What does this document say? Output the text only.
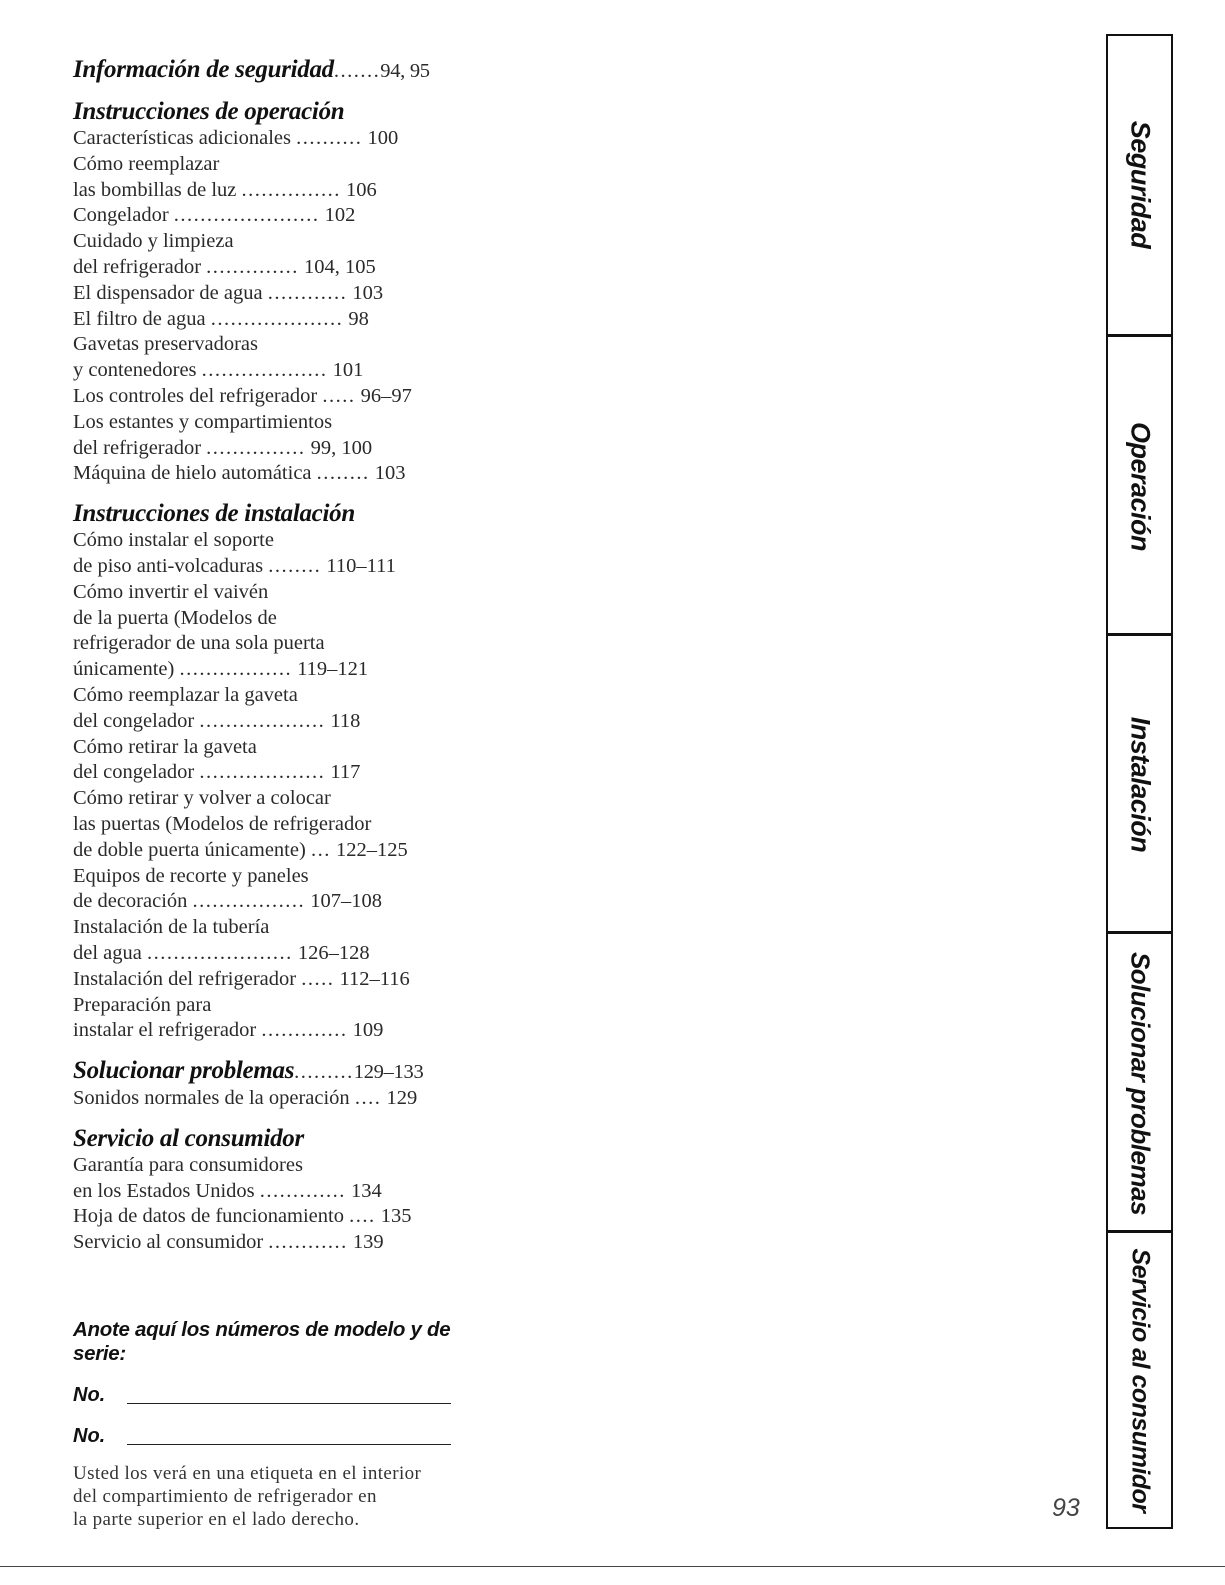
Información de seguridad.......94, 95
Instrucciones de operación
Características adicionales .......... 100
Cómo reemplazar
las bombillas de luz ............... 106
Congelador ...................... 102
Cuidado y limpieza
del refrigerador .............. 104, 105
El dispensador de agua ............ 103
El filtro de agua .................... 98
Gavetas preservadoras
y contenedores ................... 101
Los controles del refrigerador ..... 96–97
Los estantes y compartimientos
del refrigerador ............... 99, 100
Máquina de hielo automática ........ 103
Instrucciones de instalación
Cómo instalar el soporte
de piso anti-volcaduras ........ 110–111
Cómo invertir el vaivén
de la puerta (Modelos de
refrigerador de una sola puerta
únicamente) ................. 119–121
Cómo reemplazar la gaveta
del congelador ................... 118
Cómo retirar la gaveta
del congelador ................... 117
Cómo retirar y volver a colocar
las puertas (Modelos de refrigerador
de doble puerta únicamente) ... 122–125
Equipos de recorte y paneles
de decoración ................. 107–108
Instalación de la tubería
del agua ...................... 126–128
Instalación del refrigerador ..... 112–116
Preparación para
instalar el refrigerador ............. 109
Solucionar problemas.........129–133
Sonidos normales de la operación .... 129
Servicio al consumidor
Garantía para consumidores
en los Estados Unidos ............. 134
Hoja de datos de funcionamiento .... 135
Servicio al consumidor ............ 139
Anote aquí los números de modelo y de serie:
No.
No.
Usted los verá en una etiqueta en el interior
del compartimiento de refrigerador en
la parte superior en el lado derecho.	93
Seguridad
Operación
Instalación
Solucionar problemas
Servicio al consumidor
